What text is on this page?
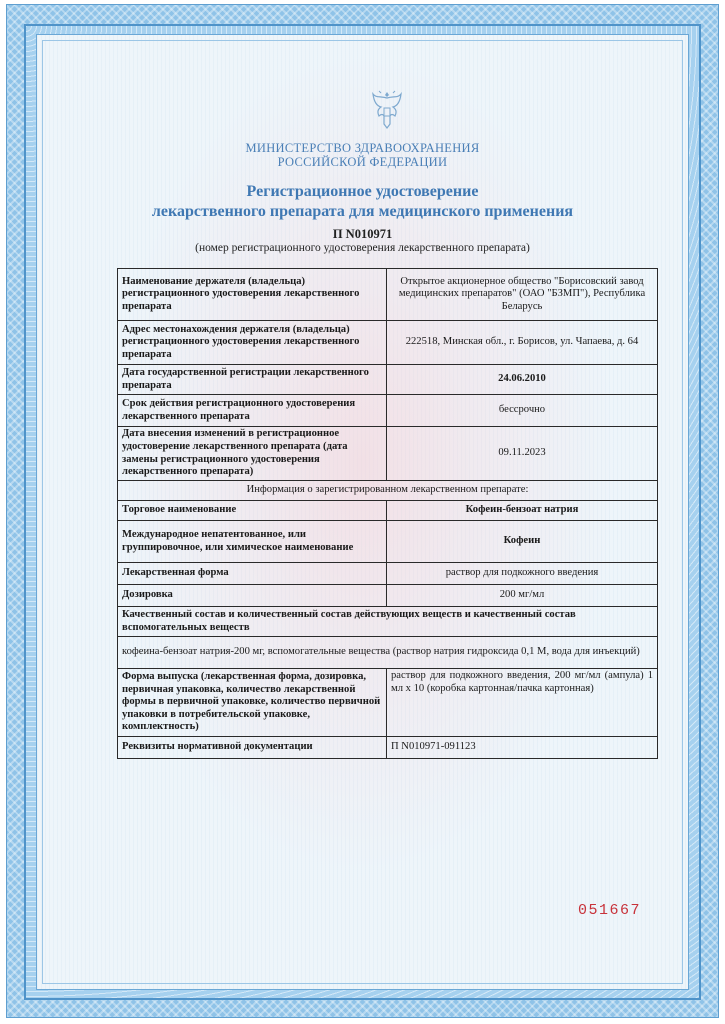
МИНИСТЕРСТВО ЗДРАВООХРАНЕНИЯ
РОССИЙСКОЙ ФЕДЕРАЦИИ
Регистрационное удостоверение
лекарственного препарата для медицинского применения
П N010971
(номер регистрационного удостоверения лекарственного препарата)
Наименование держателя (владельца) регистрационного удостоверения лекарственного препарата	Открытое акционерное общество "Борисовский завод медицинских препаратов" (ОАО "БЗМП"), Республика Беларусь
Адрес местонахождения держателя (владельца) регистрационного удостоверения лекарственного препарата	222518, Минская обл., г. Борисов, ул. Чапаева, д. 64
Дата государственной регистрации лекарственного препарата	24.06.2010
Срок действия регистрационного удостоверения лекарственного препарата	бессрочно
Дата внесения изменений в регистрационное удостоверение лекарственного препарата (дата замены регистрационного удостоверения лекарственного препарата)	09.11.2023
Информация о зарегистрированном лекарственном препарате:	
Торговое наименование	Кофеин-бензоат натрия
Международное непатентованное, или группировочное, или химическое наименование	Кофеин
Лекарственная форма	раствор для подкожного введения
Дозировка	200 мг/мл
Качественный состав и количественный состав действующих веществ и качественный состав вспомогательных веществ	
кофеина-бензоат натрия-200 мг, вспомогательные вещества (раствор натрия гидроксида 0,1 М, вода для инъекций)	
Форма выпуска (лекарственная форма, дозировка, первичная упаковка, количество лекарственной формы в первичной упаковке, количество первичной упаковки в потребительской упаковке, комплектность)	раствор для подкожного введения, 200 мг/мл (ампула) 1 мл х 10 (коробка картонная/пачка картонная)
Реквизиты нормативной документации	П N010971-091123
051667
